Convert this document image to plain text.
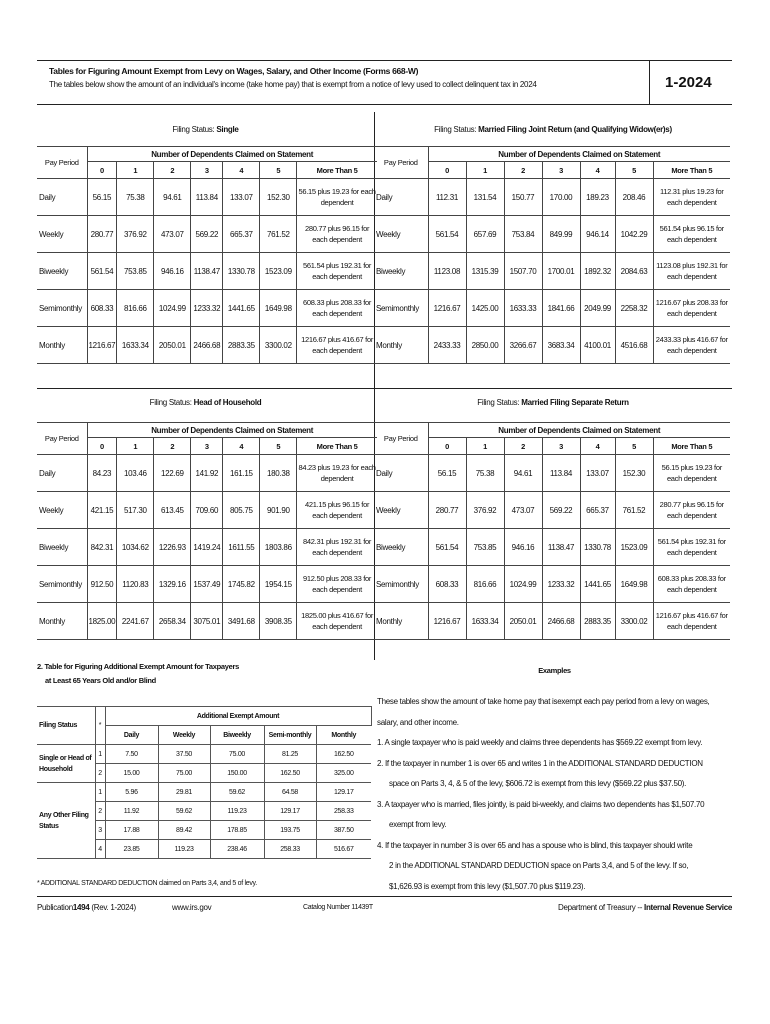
Tables for Figuring Amount Exempt from Levy on Wages, Salary, and Other Income (Forms 668-W)
The tables below show the amount of an individual's income (take home pay) that is exempt from a notice of levy used to collect delinquent tax in 2024	1-2024
Filing Status: Single	Filing Status: Married Filing Joint Return (and Qualifying Widow(er)s)
Filing Status: Head of Household	Filing Status: Married Filing Separate Return
Pay Period	Number of Dependents Claimed on Statement						
	0	1	2	3	4	5	More Than 5
Daily	56.15	75.38	94.61	113.84	133.07	152.30	56.15 plus 19.23 for each dependent
Weekly	280.77	376.92	473.07	569.22	665.37	761.52	280.77 plus 96.15 for each dependent
Biweekly	561.54	753.85	946.16	1138.47	1330.78	1523.09	561.54 plus 192.31 for each dependent
Semimonthly	608.33	816.66	1024.99	1233.32	1441.65	1649.98	608.33 plus 208.33 for each dependent
Monthly	1216.67	1633.34	2050.01	2466.68	2883.35	3300.02	1216.67 plus 416.67 for each dependent
Pay Period	Number of Dependents Claimed on Statement						
	0	1	2	3	4	5	More Than 5
Daily	112.31	131.54	150.77	170.00	189.23	208.46	112.31 plus 19.23 for each dependent
Weekly	561.54	657.69	753.84	849.99	946.14	1042.29	561.54 plus 96.15 for each dependent
Biweekly	1123.08	1315.39	1507.70	1700.01	1892.32	2084.63	1123.08 plus 192.31 for each dependent
Semimonthly	1216.67	1425.00	1633.33	1841.66	2049.99	2258.32	1216.67 plus 208.33 for each dependent
Monthly	2433.33	2850.00	3266.67	3683.34	4100.01	4516.68	2433.33 plus 416.67 for each dependent
Pay Period	Number of Dependents Claimed on Statement						
	0	1	2	3	4	5	More Than 5
Daily	84.23	103.46	122.69	141.92	161.15	180.38	84.23 plus 19.23 for each dependent
Weekly	421.15	517.30	613.45	709.60	805.75	901.90	421.15 plus 96.15 for each dependent
Biweekly	842.31	1034.62	1226.93	1419.24	1611.55	1803.86	842.31 plus 192.31 for each dependent
Semimonthly	912.50	1120.83	1329.16	1537.49	1745.82	1954.15	912.50 plus 208.33 for each dependent
Monthly	1825.00	2241.67	2658.34	3075.01	3491.68	3908.35	1825.00 plus 416.67 for each dependent
Pay Period	Number of Dependents Claimed on Statement						
	0	1	2	3	4	5	More Than 5
Daily	56.15	75.38	94.61	113.84	133.07	152.30	56.15 plus 19.23 for each dependent
Weekly	280.77	376.92	473.07	569.22	665.37	761.52	280.77 plus 96.15 for each dependent
Biweekly	561.54	753.85	946.16	1138.47	1330.78	1523.09	561.54 plus 192.31 for each dependent
Semimonthly	608.33	816.66	1024.99	1233.32	1441.65	1649.98	608.33 plus 208.33 for each dependent
Monthly	1216.67	1633.34	2050.01	2466.68	2883.35	3300.02	1216.67 plus 416.67 for each dependent
2. Table for Figuring Additional Exempt Amount for Taxpayers
at Least 65 Years Old and/or Blind
Filing Status	*	Additional Exempt Amount				
		Daily	Weekly	Biweekly	Semi-monthly	Monthly
Single or Head of Household	1	7.50	37.50	75.00	81.25	162.50
	2	15.00	75.00	150.00	162.50	325.00
Any Other Filing Status	1	5.96	29.81	59.62	64.58	129.17
	2	11.92	59.62	119.23	129.17	258.33
	3	17.88	89.42	178.85	193.75	387.50
	4	23.85	119.23	238.46	258.33	516.67
* ADDITIONAL STANDARD DEDUCTION claimed on Parts 3,4, and 5 of levy.
Examples
These tables show the amount of take home pay that isexempt each pay period from a levy on wages,
salary, and other income.
1. A single taxpayer who is paid weekly and claims three dependents has $569.22 exempt from levy.
2. If the taxpayer in number 1 is over 65 and writes 1 in the ADDITIONAL STANDARD DEDUCTION
space on Parts 3, 4, & 5 of the levy, $606.72 is exempt from this levy ($569.22 plus $37.50).
3. A taxpayer who is married, files jointly, is paid bi-weekly, and claims two dependents has $1,507.70
exempt from levy.
4. If the taxpayer in number 3 is over 65 and has a spouse who is blind, this taxpayer should write
2 in the ADDITIONAL STANDARD DEDUCTION space on Parts 3,4, and 5 of the levy. If so,
$1,626.93 is exempt from this levy ($1,507.70 plus $119.23).
Publication1494 (Rev. 1-2024)	www.irs.gov	Catalog Number 11439T	Department of Treasury -- Internal Revenue Service
